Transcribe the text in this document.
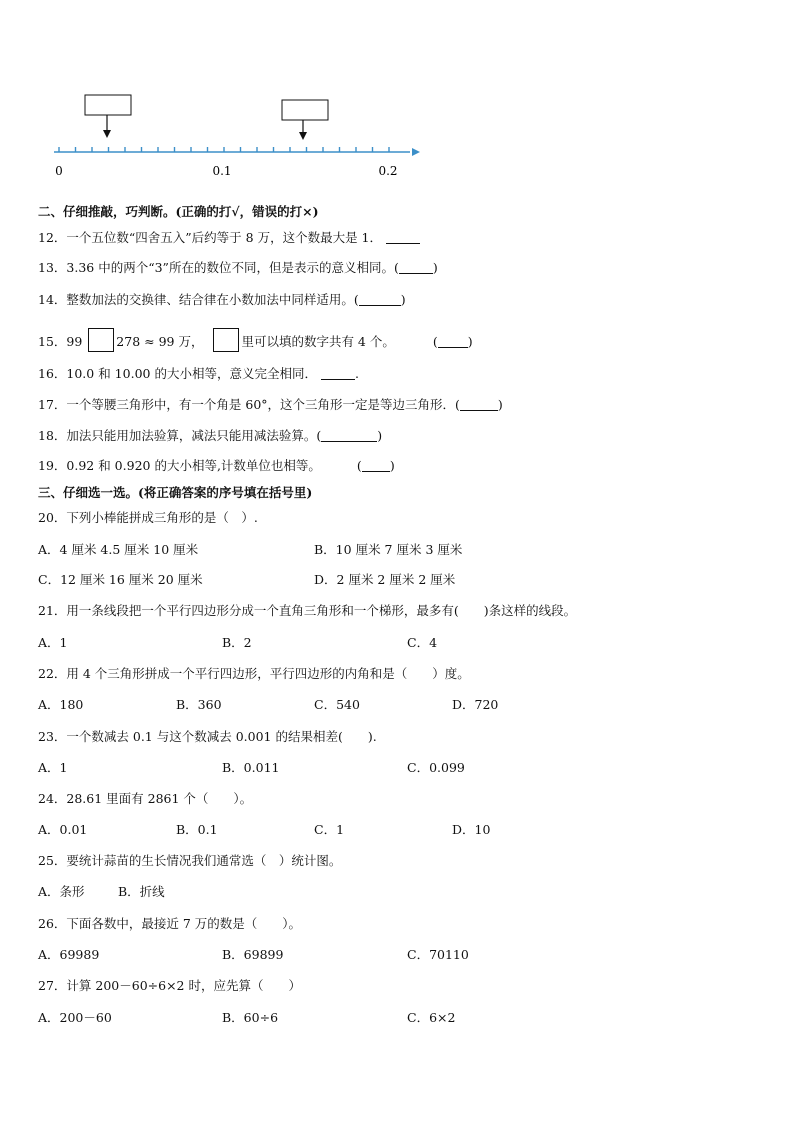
0	0.1	0.2
二、仔细推敲，巧判断。(正确的打√，错误的打×)
12．一个五位数“四舍五入”后约等于 8 万，这个数最大是 1．
13．3.36 中的两个“3”所在的数位不同，但是表示的意义相同。(	)
14．整数加法的交换律、结合律在小数加法中同样适用。(	)
15．99	278 ≈ 99 万，	里可以填的数字共有 4 个。	( )
16．10.0 和 10.00 的大小相等，意义完全相同．	.
17．一个等腰三角形中，有一个角是 60°，这个三角形一定是等边三角形．(	)
18．加法只能用加法验算，减法只能用减法验算。(	)
19．0.92 和 0.920 的大小相等,计数单位也相等。	( )
三、仔细选一选。(将正确答案的序号填在括号里)
20．下列小棒能拼成三角形的是（　）.
A．4 厘米 4.5 厘米 10 厘米	B．10 厘米 7 厘米 3 厘米
C．12 厘米 16 厘米 20 厘米	D．2 厘米 2 厘米 2 厘米
21．用一条线段把一个平行四边形分成一个直角三角形和一个梯形，最多有(　　)条这样的线段。
A．1	B．2	C．4
22．用 4 个三角形拼成一个平行四边形，平行四边形的内角和是（　　）度。
A．180	B．360	C．540	D．720
23．一个数减去 0.1 与这个数减去 0.001 的结果相差(　　).
A．1	B．0.011	C．0.099
24．28.61 里面有 2861 个（　　）。
A．0.01	B．0.1	C．1	D．10
25．要统计蒜苗的生长情况我们通常选（　）统计图。
A．条形	B．折线
26．下面各数中，最接近 7 万的数是（　　）。
A．69989	B．69899	C．70110
27．计算 200－60÷6×2 时，应先算（　　）
A．200－60	B．60÷6	C．6×2
